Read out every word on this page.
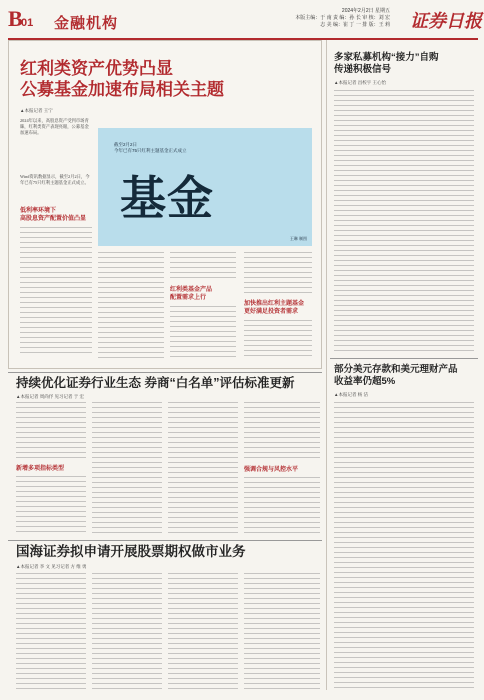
B
01 金融机构
2024年2月2日 星期五
本版主编：于 南 责 编：孙 长 审 核：刘 宏 志 美 编：崔 丁 一 排 版：王 莉 证券日报
红利类资产优势凸显
公募基金加速布局相关主题
▲本报记者 王宁
2024年以来，高股息资产受到市场青睐，红利类资产表现亮眼，公募基金加速布局。
Wind资讯数据显示，截至2月2日，今年已有75只红利主题基金正式成立。
低利率环境下
高股息资产配置价值凸显
截至2月2日
今年已有75只红利主题基金正式成立
基金
王琳 制图
红利类基金产品
配置需求上行
加快推出红利主题基金
更好满足投资者需求
多家私募机构“接力”自购
传递积极信号
▲本报记者 昌校宇 王心怡
部分美元存款和美元理财产品
收益率仍超5%
▲本报记者 杨 洁
持续优化证券行业生态 券商“白名单”评估标准更新
▲本报记者 周尚伃 见习记者 于 宏
新增多项指标类型	强调合规与风控水平
国海证券拟申请开展股票期权做市业务
▲本报记者 李 文 见习记者 方 维 勇
